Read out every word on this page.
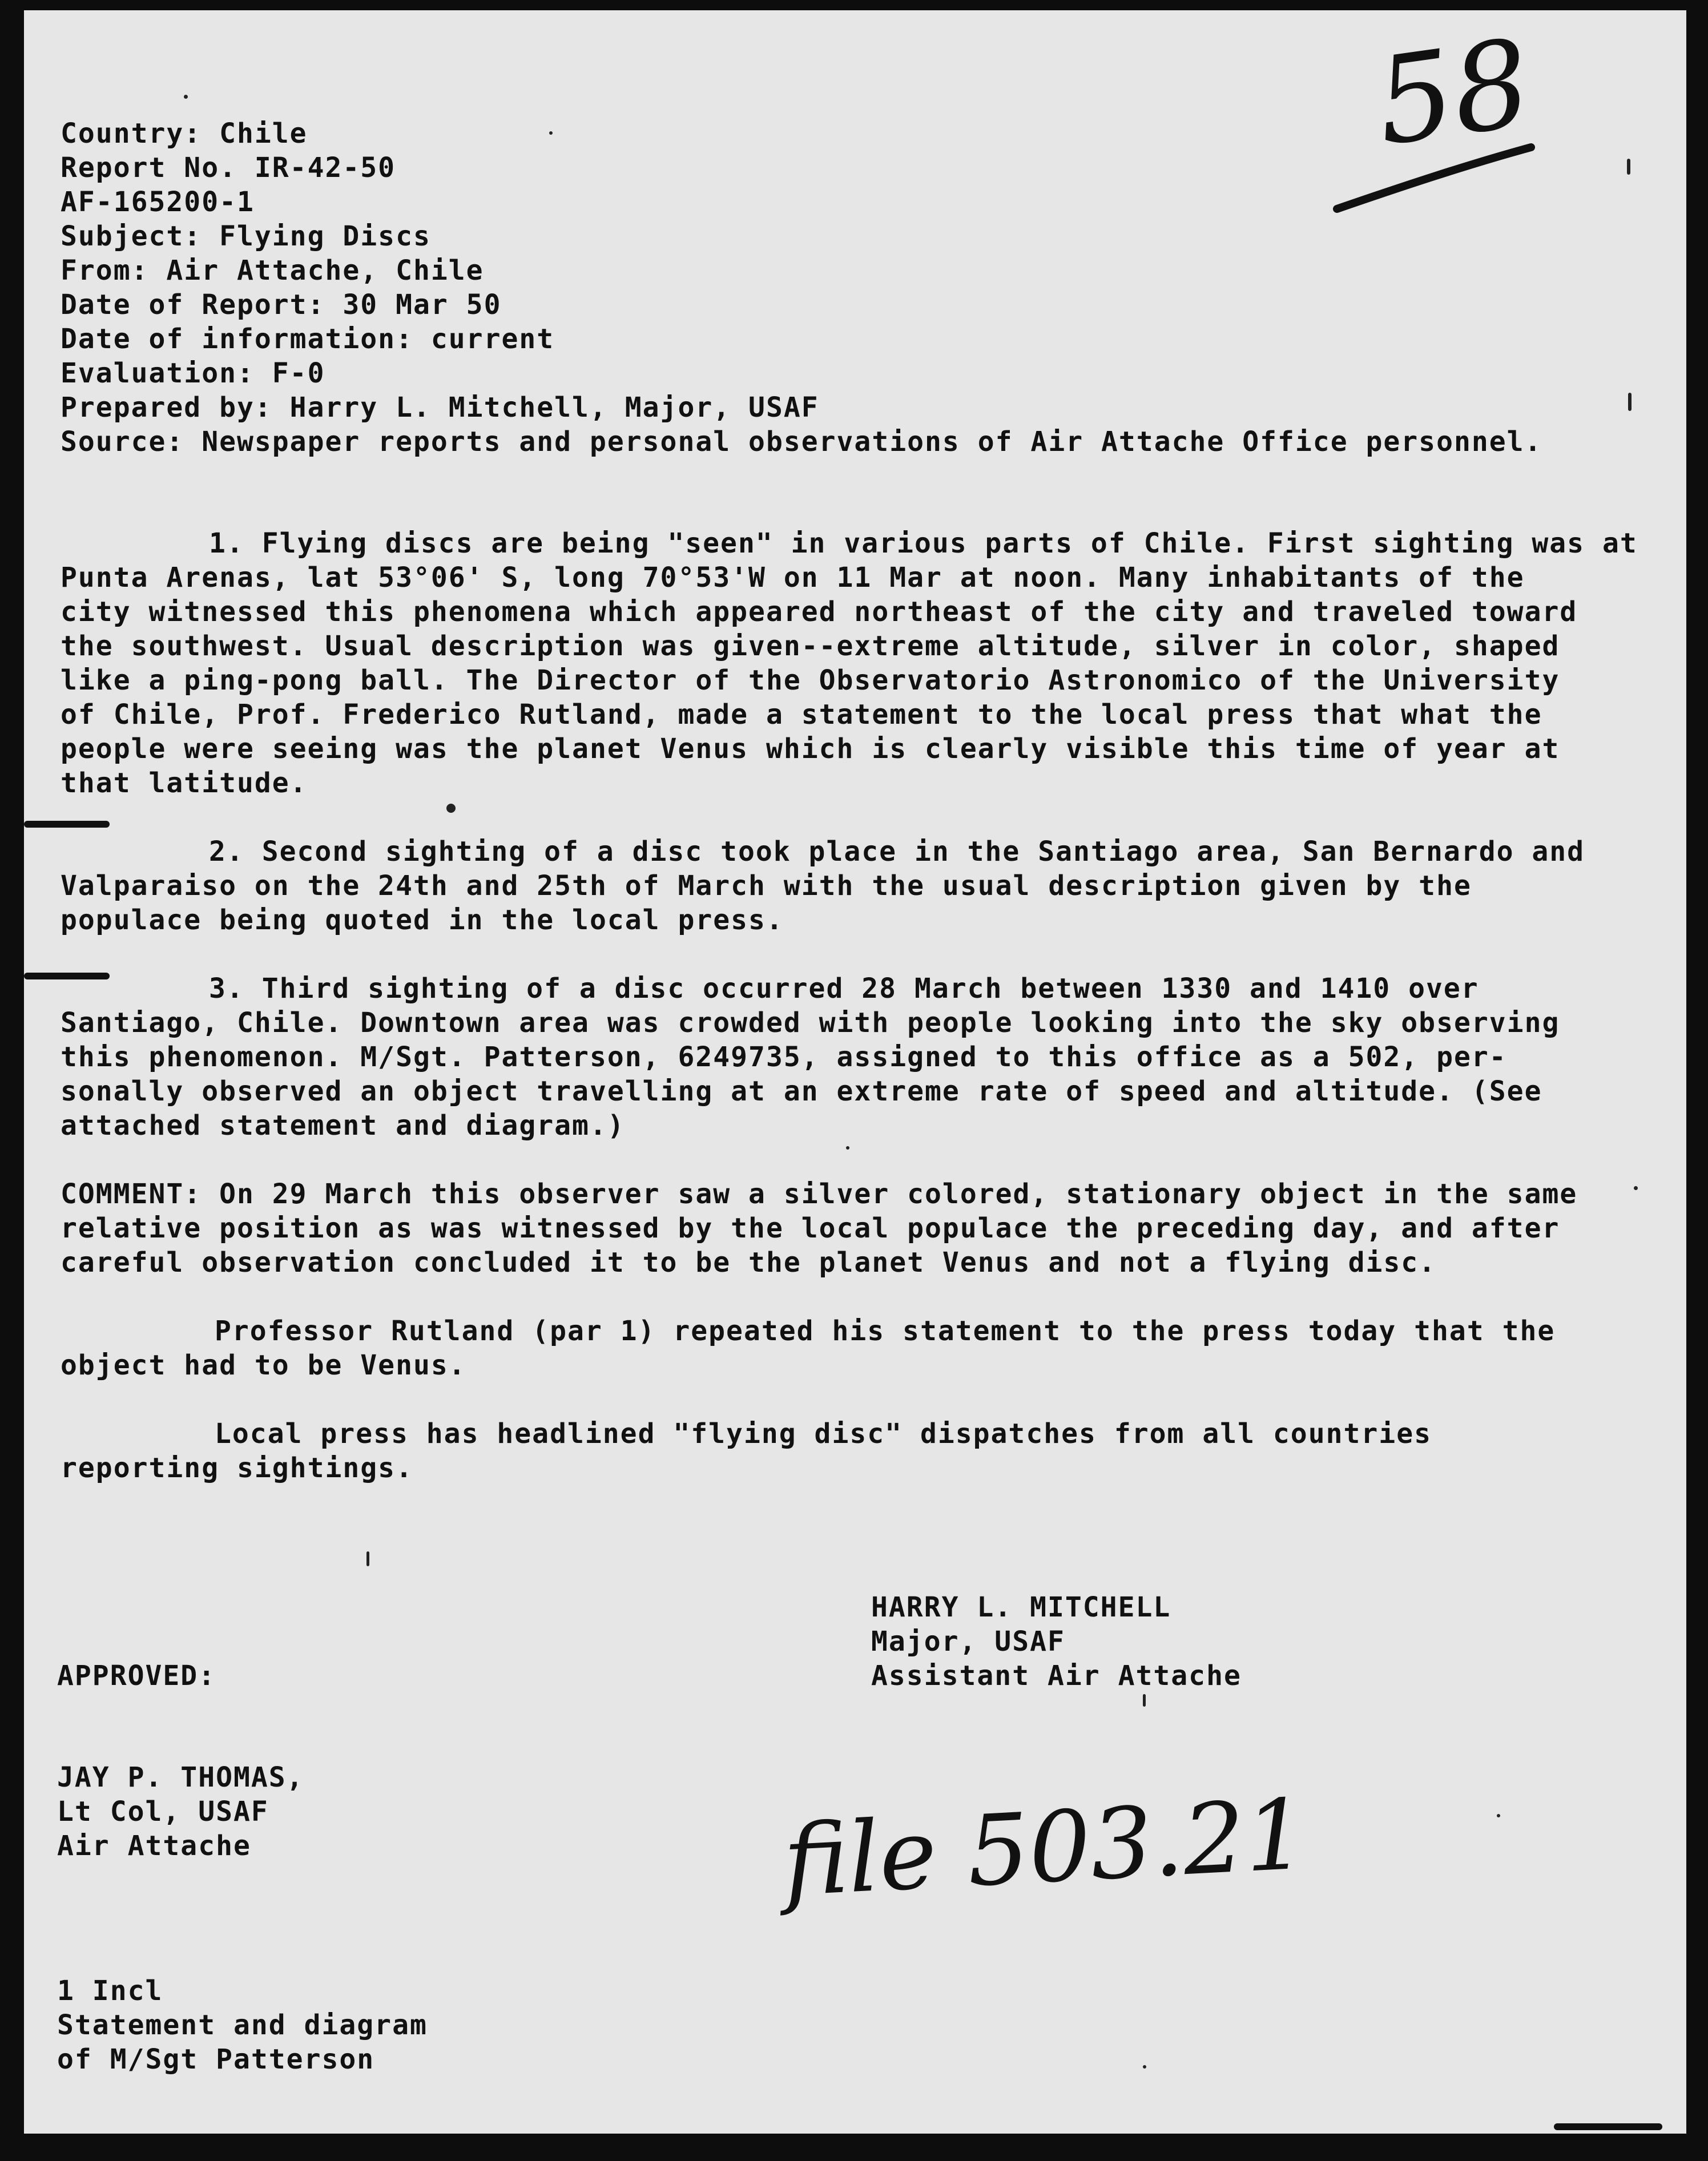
58
Country: Chile
Report No. IR-42-50
AF-165200-1
Subject: Flying Discs
From: Air Attache, Chile
Date of Report: 30 Mar 50
Date of information: current
Evaluation: F-0
Prepared by: Harry L. Mitchell, Major, USAF
Source: Newspaper reports and personal observations of Air Attache Office personnel.
1. Flying discs are being "seen" in various parts of Chile. First sighting was at
Punta Arenas, lat 53°06' S, long 70°53'W on 11 Mar at noon. Many inhabitants of the
city witnessed this phenomena which appeared northeast of the city and traveled toward
the southwest. Usual description was given--extreme altitude, silver in color, shaped
like a ping-pong ball. The Director of the Observatorio Astronomico of the University
of Chile, Prof. Frederico Rutland, made a statement to the local press that what the
people were seeing was the planet Venus which is clearly visible this time of year at
that latitude.
2. Second sighting of a disc took place in the Santiago area, San Bernardo and
Valparaiso on the 24th and 25th of March with the usual description given by the
populace being quoted in the local press.
3. Third sighting of a disc occurred 28 March between 1330 and 1410 over
Santiago, Chile. Downtown area was crowded with people looking into the sky observing
this phenomenon. M/Sgt. Patterson, 6249735, assigned to this office as a 502, per-
sonally observed an object travelling at an extreme rate of speed and altitude. (See
attached statement and diagram.)
COMMENT: On 29 March this observer saw a silver colored, stationary object in the same
relative position as was witnessed by the local populace the preceding day, and after
careful observation concluded it to be the planet Venus and not a flying disc.
Professor Rutland (par 1) repeated his statement to the press today that the
object had to be Venus.
Local press has headlined "flying disc" dispatches from all countries
reporting sightings.
HARRY L. MITCHELL
Major, USAF
Assistant Air Attache
APPROVED:
JAY P. THOMAS,
Lt Col, USAF
Air Attache	file 503.21
1 Incl
Statement and diagram
of M/Sgt Patterson
